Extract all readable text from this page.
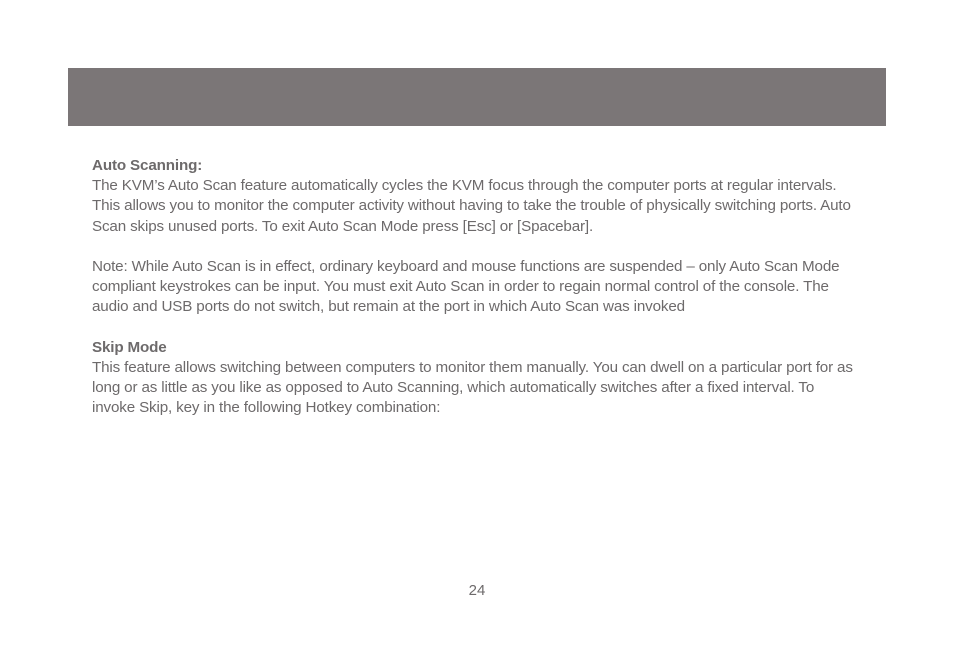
Auto Scanning:

The KVM’s Auto Scan feature automatically cycles the KVM focus through the computer ports at regular intervals. This allows you to monitor the computer activity without having to take the trouble of physically switching ports. Auto Scan skips unused ports. To exit Auto Scan Mode press [Esc] or [Spacebar].

Note: While Auto Scan is in effect, ordinary keyboard and mouse functions are suspended – only Auto Scan Mode compliant keystrokes can be input. You must exit Auto Scan in order to regain normal control of the console. The audio and USB ports do not switch, but remain at the port in which Auto Scan was invoked

Skip Mode

This feature allows switching between computers to monitor them manually. You can dwell on a particular port for as long or as little as you like as opposed to Auto Scanning, which automatically switches after a fixed interval. To invoke Skip, key in the following Hotkey combination:

24
